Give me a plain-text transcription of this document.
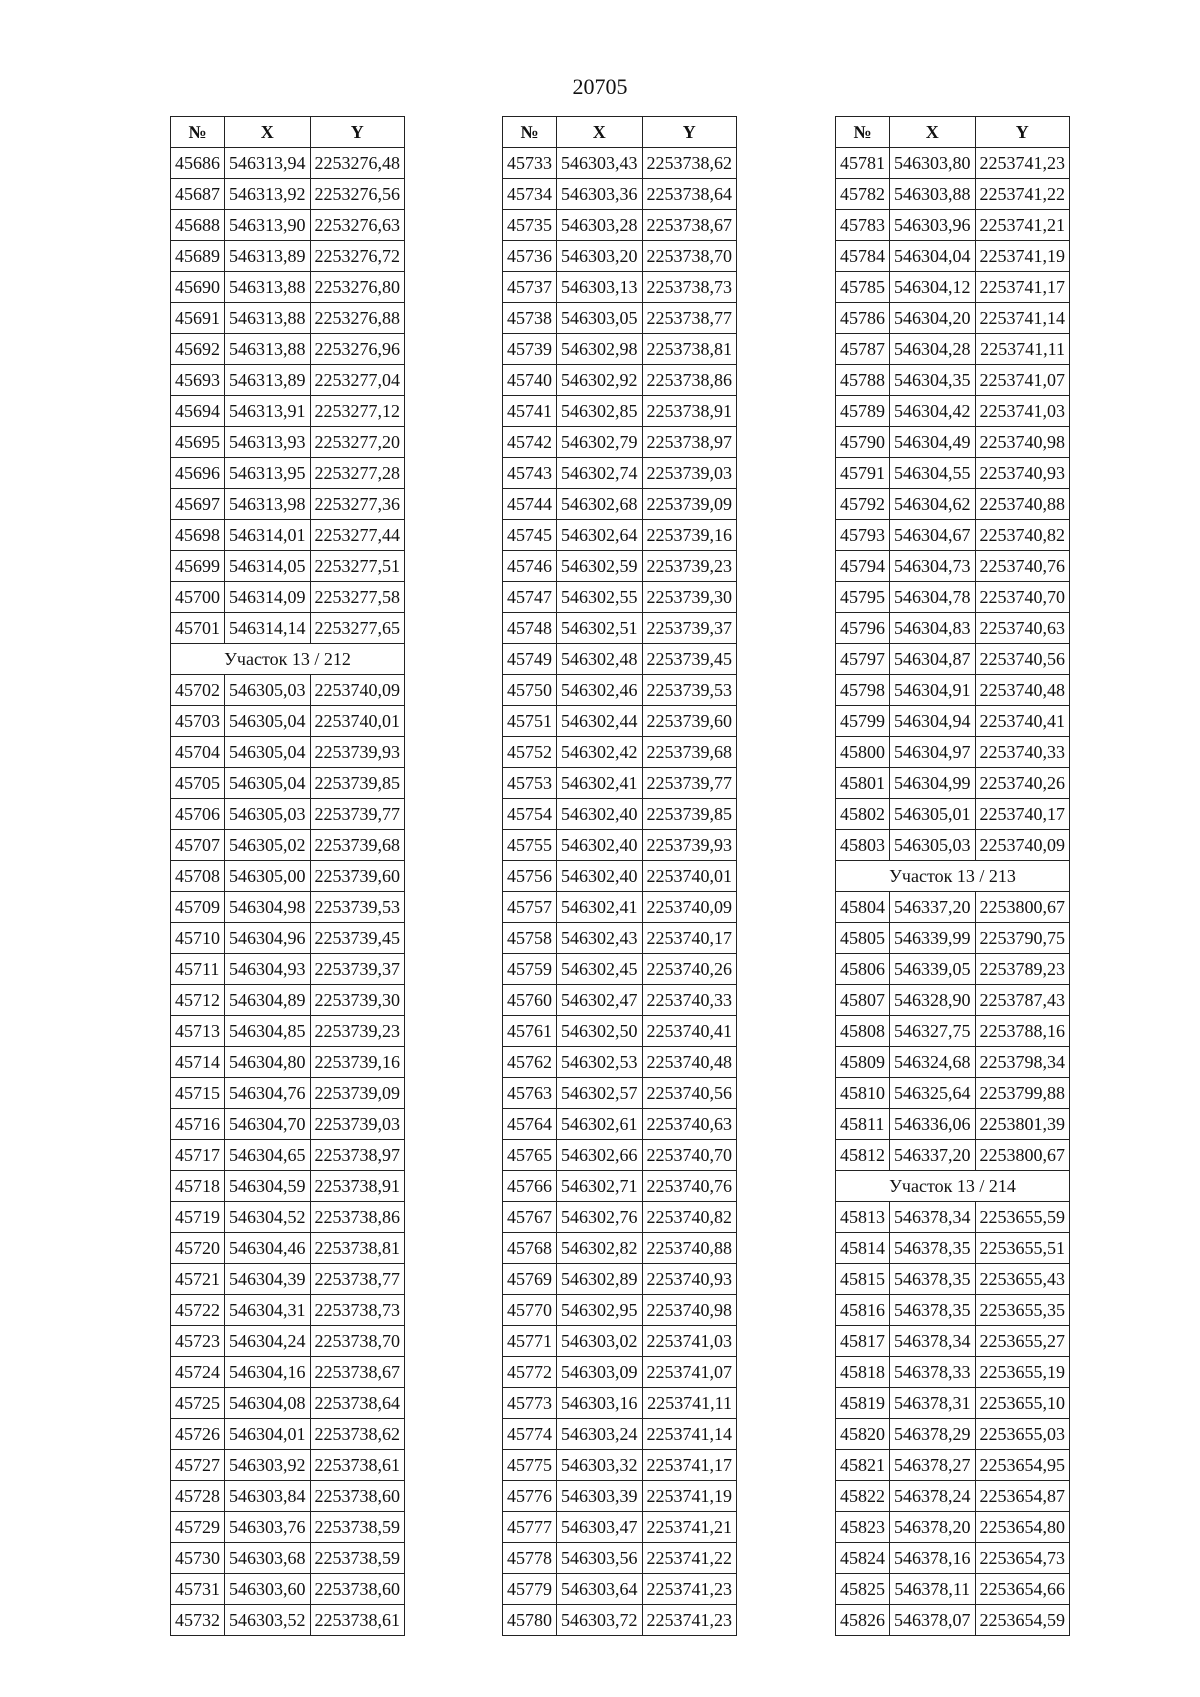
20705
№	X	Y
45686	546313,94	2253276,48
45687	546313,92	2253276,56
45688	546313,90	2253276,63
45689	546313,89	2253276,72
45690	546313,88	2253276,80
45691	546313,88	2253276,88
45692	546313,88	2253276,96
45693	546313,89	2253277,04
45694	546313,91	2253277,12
45695	546313,93	2253277,20
45696	546313,95	2253277,28
45697	546313,98	2253277,36
45698	546314,01	2253277,44
45699	546314,05	2253277,51
45700	546314,09	2253277,58
45701	546314,14	2253277,65
Участок 13 / 212		
45702	546305,03	2253740,09
45703	546305,04	2253740,01
45704	546305,04	2253739,93
45705	546305,04	2253739,85
45706	546305,03	2253739,77
45707	546305,02	2253739,68
45708	546305,00	2253739,60
45709	546304,98	2253739,53
45710	546304,96	2253739,45
45711	546304,93	2253739,37
45712	546304,89	2253739,30
45713	546304,85	2253739,23
45714	546304,80	2253739,16
45715	546304,76	2253739,09
45716	546304,70	2253739,03
45717	546304,65	2253738,97
45718	546304,59	2253738,91
45719	546304,52	2253738,86
45720	546304,46	2253738,81
45721	546304,39	2253738,77
45722	546304,31	2253738,73
45723	546304,24	2253738,70
45724	546304,16	2253738,67
45725	546304,08	2253738,64
45726	546304,01	2253738,62
45727	546303,92	2253738,61
45728	546303,84	2253738,60
45729	546303,76	2253738,59
45730	546303,68	2253738,59
45731	546303,60	2253738,60
45732	546303,52	2253738,61
№	X	Y
45733	546303,43	2253738,62
45734	546303,36	2253738,64
45735	546303,28	2253738,67
45736	546303,20	2253738,70
45737	546303,13	2253738,73
45738	546303,05	2253738,77
45739	546302,98	2253738,81
45740	546302,92	2253738,86
45741	546302,85	2253738,91
45742	546302,79	2253738,97
45743	546302,74	2253739,03
45744	546302,68	2253739,09
45745	546302,64	2253739,16
45746	546302,59	2253739,23
45747	546302,55	2253739,30
45748	546302,51	2253739,37
45749	546302,48	2253739,45
45750	546302,46	2253739,53
45751	546302,44	2253739,60
45752	546302,42	2253739,68
45753	546302,41	2253739,77
45754	546302,40	2253739,85
45755	546302,40	2253739,93
45756	546302,40	2253740,01
45757	546302,41	2253740,09
45758	546302,43	2253740,17
45759	546302,45	2253740,26
45760	546302,47	2253740,33
45761	546302,50	2253740,41
45762	546302,53	2253740,48
45763	546302,57	2253740,56
45764	546302,61	2253740,63
45765	546302,66	2253740,70
45766	546302,71	2253740,76
45767	546302,76	2253740,82
45768	546302,82	2253740,88
45769	546302,89	2253740,93
45770	546302,95	2253740,98
45771	546303,02	2253741,03
45772	546303,09	2253741,07
45773	546303,16	2253741,11
45774	546303,24	2253741,14
45775	546303,32	2253741,17
45776	546303,39	2253741,19
45777	546303,47	2253741,21
45778	546303,56	2253741,22
45779	546303,64	2253741,23
45780	546303,72	2253741,23
№	X	Y
45781	546303,80	2253741,23
45782	546303,88	2253741,22
45783	546303,96	2253741,21
45784	546304,04	2253741,19
45785	546304,12	2253741,17
45786	546304,20	2253741,14
45787	546304,28	2253741,11
45788	546304,35	2253741,07
45789	546304,42	2253741,03
45790	546304,49	2253740,98
45791	546304,55	2253740,93
45792	546304,62	2253740,88
45793	546304,67	2253740,82
45794	546304,73	2253740,76
45795	546304,78	2253740,70
45796	546304,83	2253740,63
45797	546304,87	2253740,56
45798	546304,91	2253740,48
45799	546304,94	2253740,41
45800	546304,97	2253740,33
45801	546304,99	2253740,26
45802	546305,01	2253740,17
45803	546305,03	2253740,09
Участок 13 / 213		
45804	546337,20	2253800,67
45805	546339,99	2253790,75
45806	546339,05	2253789,23
45807	546328,90	2253787,43
45808	546327,75	2253788,16
45809	546324,68	2253798,34
45810	546325,64	2253799,88
45811	546336,06	2253801,39
45812	546337,20	2253800,67
Участок 13 / 214		
45813	546378,34	2253655,59
45814	546378,35	2253655,51
45815	546378,35	2253655,43
45816	546378,35	2253655,35
45817	546378,34	2253655,27
45818	546378,33	2253655,19
45819	546378,31	2253655,10
45820	546378,29	2253655,03
45821	546378,27	2253654,95
45822	546378,24	2253654,87
45823	546378,20	2253654,80
45824	546378,16	2253654,73
45825	546378,11	2253654,66
45826	546378,07	2253654,59
